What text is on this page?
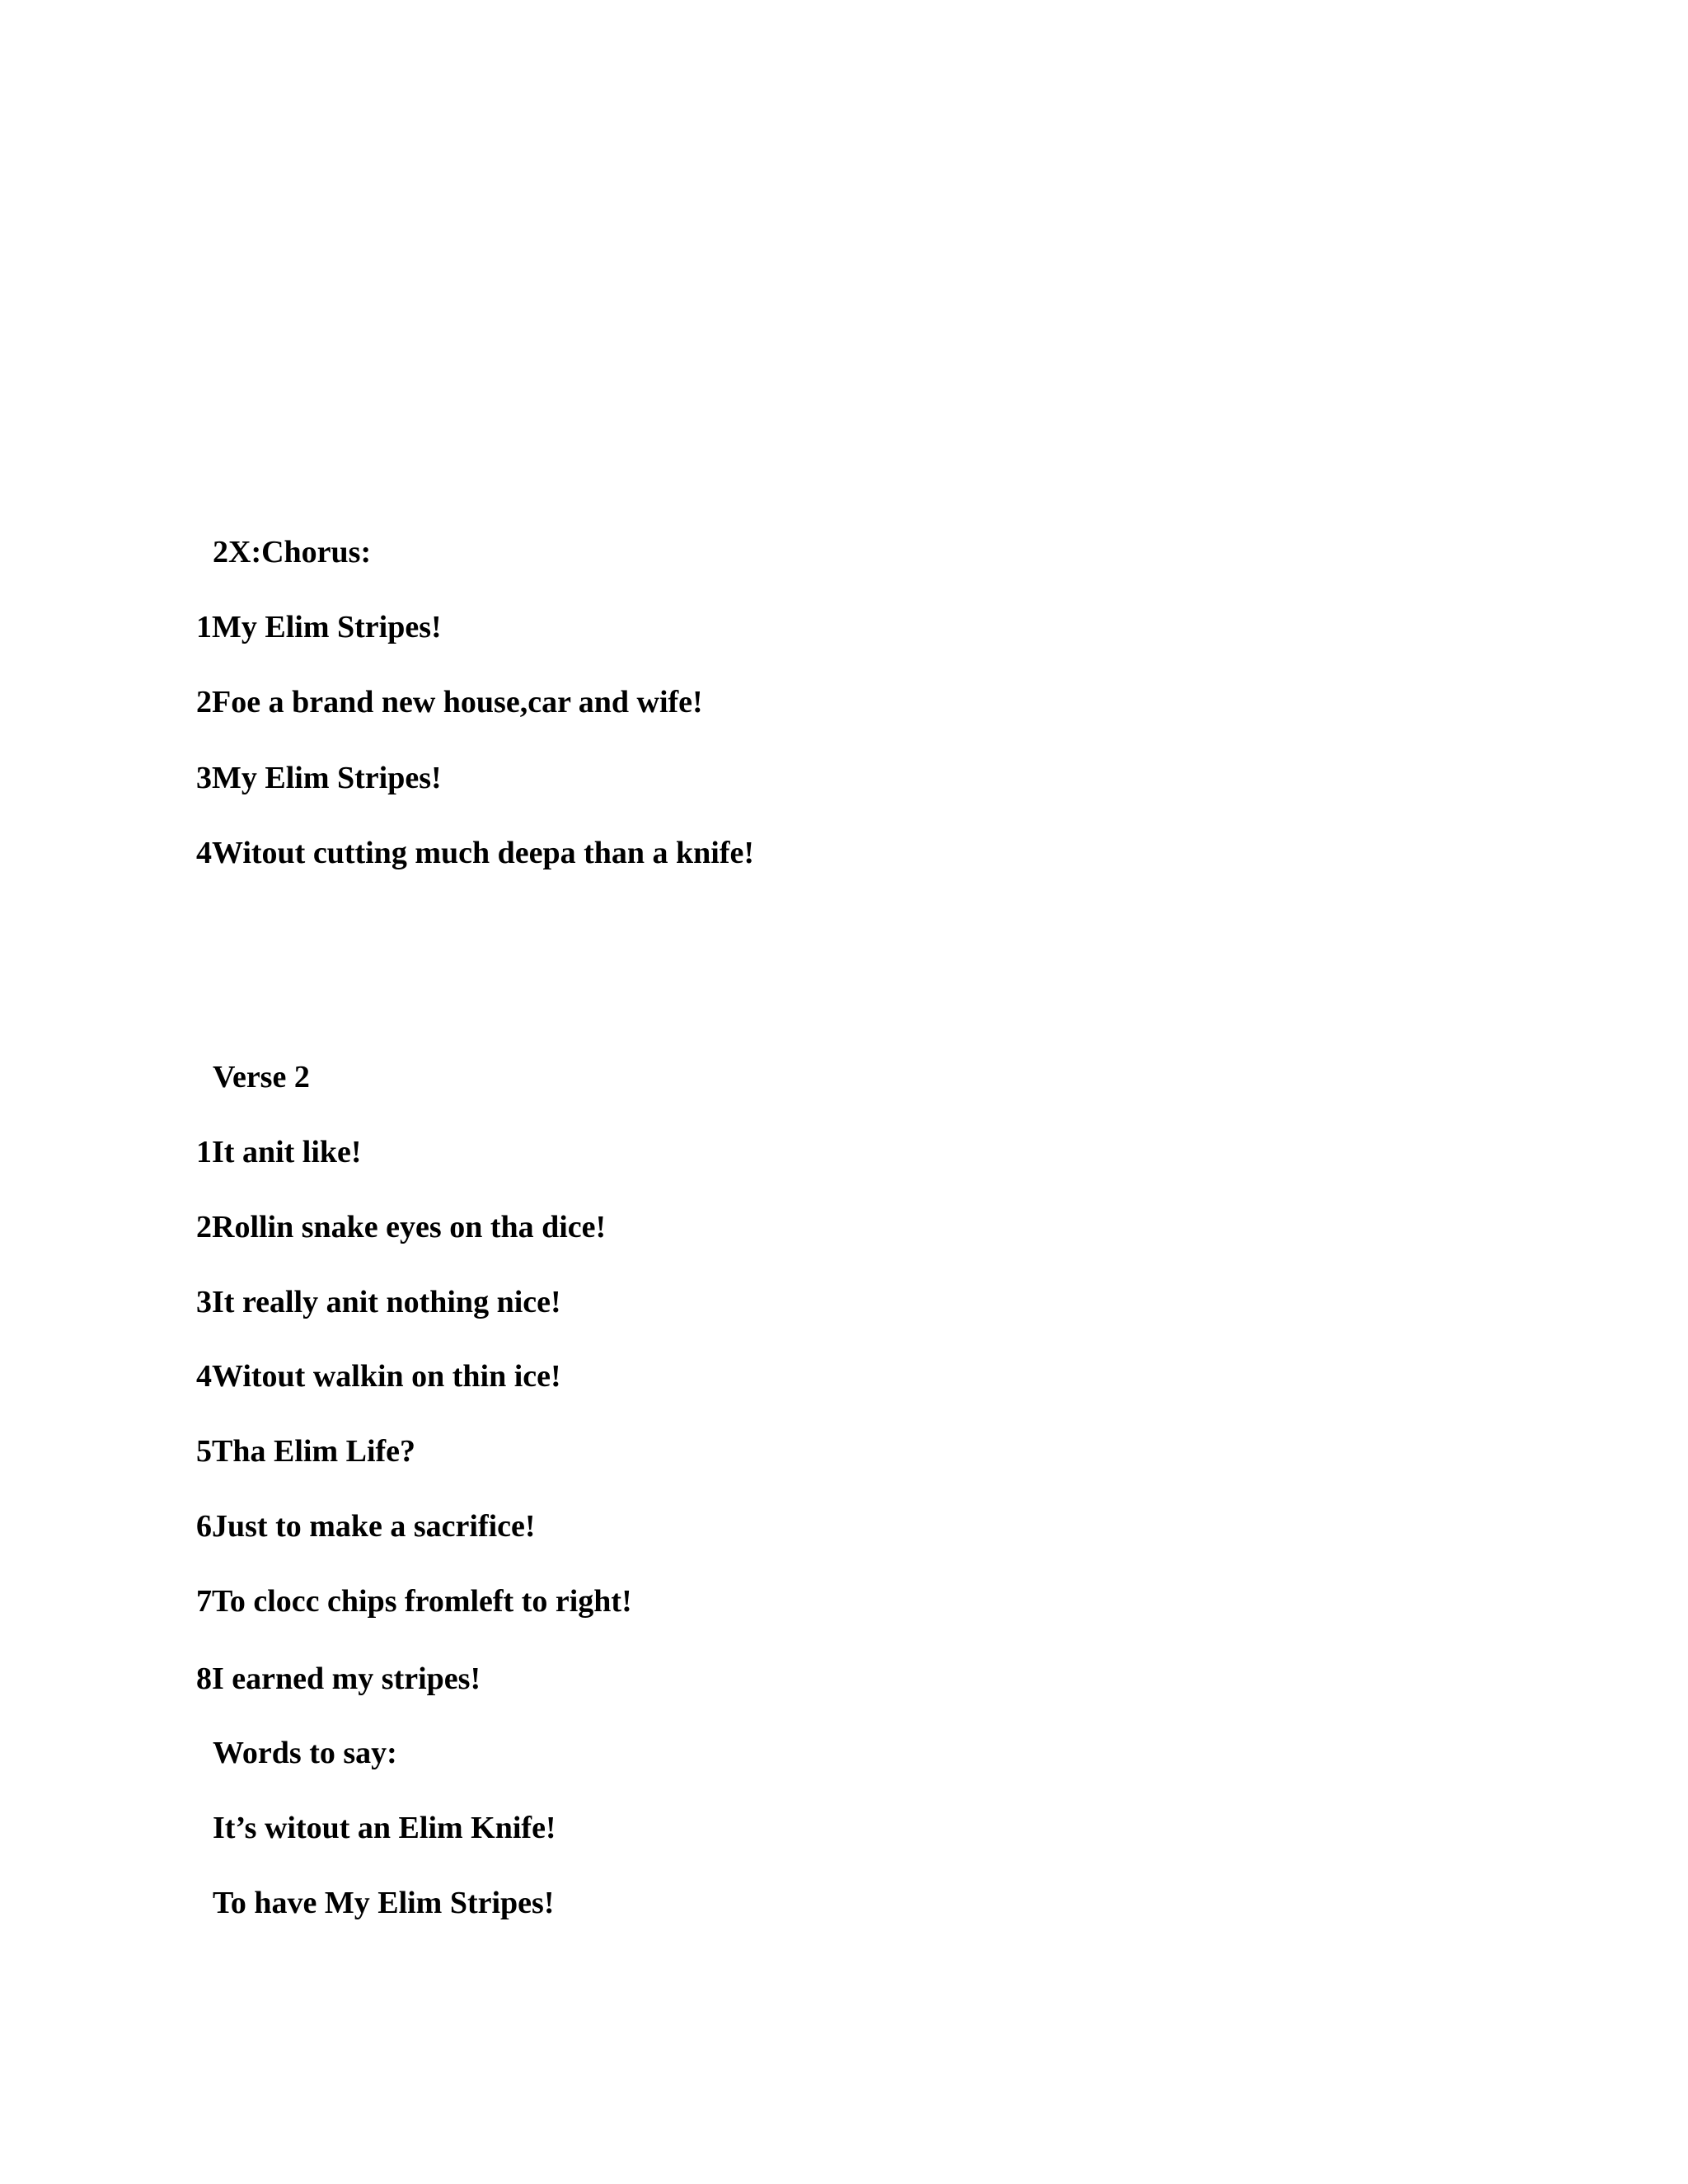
2X:Chorus:

1My Elim Stripes!

2Foe a brand new house,car and wife!

3My Elim Stripes!

4Witout cutting much deepa than a knife!

Verse 2

1It anit like!

2Rollin snake eyes on tha dice!

3It really anit nothing nice!

4Witout walkin on thin ice!

5Tha Elim Life?

6Just to make a sacrifice!

7To clocc chips fromleft to right!

8I earned my stripes!

Words to say:

It’s witout an Elim Knife!

To have My Elim Stripes!
